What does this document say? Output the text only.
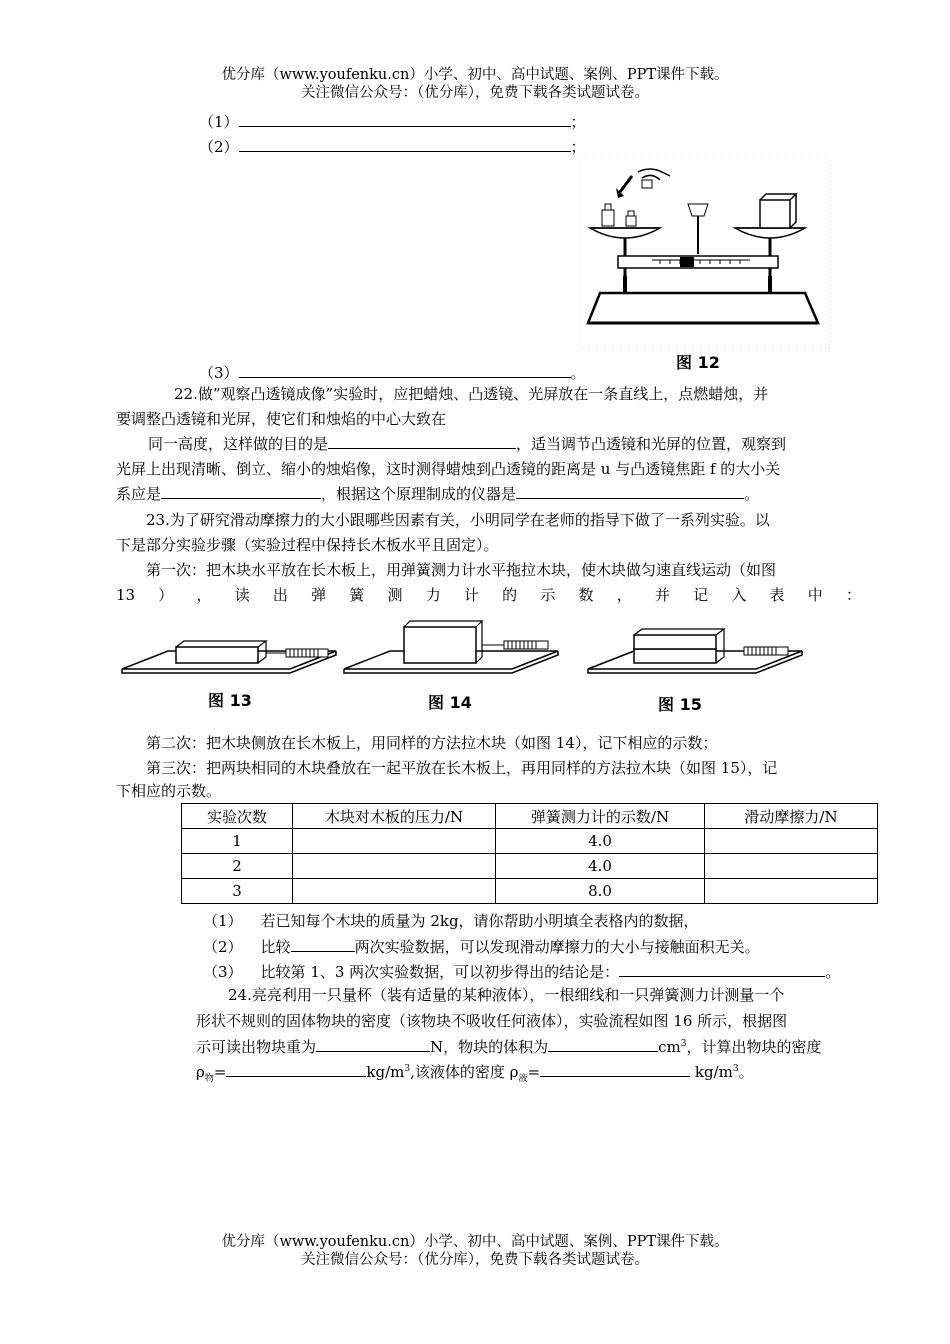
优分库（www.youfenku.cn）小学、初中、高中试题、案例、PPT课件下载。
关注微信公众号：（优分库），免费下载各类试题试卷。
（1）	；
（2）	；
（3）	。
图 12
22.做”观察凸透镜成像”实验时，应把蜡烛、凸透镜、光屏放在一条直线上，点燃蜡烛，并
要调整凸透镜和光屏，使它们和烛焰的中心大致在
同一高度，这样做的目的是	，适当调节凸透镜和光屏的位置，观察到
光屏上出现清晰、倒立、缩小的烛焰像，这时测得蜡烛到凸透镜的距离是 u 与凸透镜焦距 f 的大小关
系应是	，根据这个原理制成的仪器是	。
23.为了研究滑动摩擦力的大小跟哪些因素有关，小明同学在老师的指导下做了一系列实验。以
下是部分实验步骤（实验过程中保持长木板水平且固定）。
第一次：把木块水平放在长木板上，用弹簧测力计水平拖拉木块，使木块做匀速直线运动（如图
13 ） ， 读 出 弹 簧 测 力 计 的 示 数 ， 并 记 入 表 中 ：
图 13	图 14	图 15
第二次：把木块侧放在长木板上，用同样的方法拉木块（如图 14），记下相应的示数；
第三次：把两块相同的木块叠放在一起平放在长木板上，再用同样的方法拉木块（如图 15），记
下相应的示数。
实验次数	木块对木板的压力/N	弹簧测力计的示数/N	滑动摩擦力/N
1		4.0	
2		4.0	
3		8.0	
（1） 若已知每个木块的质量为 2kg，请你帮助小明填全表格内的数据，
（2） 比较	两次实验数据，可以发现滑动摩擦力的大小与接触面积无关。
（3） 比较第 1、3 两次实验数据，可以初步得出的结论是：	。
24.亮亮利用一只量杯（装有适量的某种液体），一根细线和一只弹簧测力计测量一个
形状不规则的固体物块的密度（该物块不吸收任何液体），实验流程如图 16 所示，根据图
示可读出物块重为	N，物块的体积为	$cm^3$，计算出物块的密度
$\rho_物=$	$kg/m^3$,该液体的密度 $\rho_液=$	$kg/m^3$。
优分库（www.youfenku.cn）小学、初中、高中试题、案例、PPT课件下载。
关注微信公众号：（优分库），免费下载各类试题试卷。
